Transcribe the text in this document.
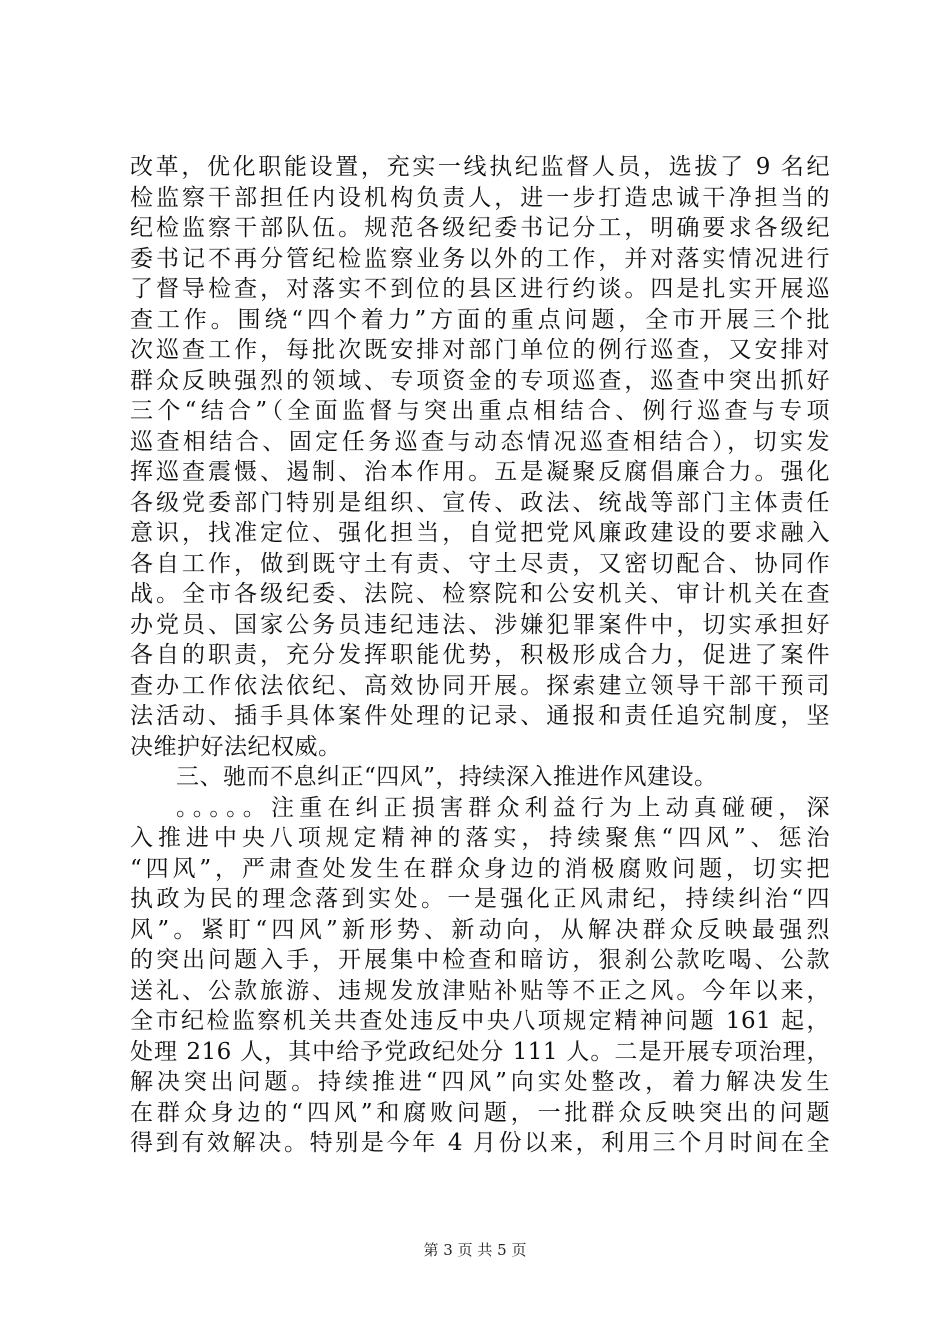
改革，优化职能设置，充实一线执纪监督人员，选拔了 9 名纪
检监察干部担任内设机构负责人，进一步打造忠诚干净担当的
纪检监察干部队伍。规范各级纪委书记分工，明确要求各级纪
委书记不再分管纪检监察业务以外的工作，并对落实情况进行
了督导检查，对落实不到位的县区进行约谈。四是扎实开展巡
查工作。围绕“四个着力”方面的重点问题，全市开展三个批
次巡查工作，每批次既安排对部门单位的例行巡查，又安排对
群众反映强烈的领域、专项资金的专项巡查，巡查中突出抓好
三个“结合”（全面监督与突出重点相结合、例行巡查与专项
巡查相结合、固定任务巡查与动态情况巡查相结合），切实发
挥巡查震慑、遏制、治本作用。五是凝聚反腐倡廉合力。强化
各级党委部门特别是组织、宣传、政法、统战等部门主体责任
意识，找准定位、强化担当，自觉把党风廉政建设的要求融入
各自工作，做到既守土有责、守土尽责，又密切配合、协同作
战。全市各级纪委、法院、检察院和公安机关、审计机关在查
办党员、国家公务员违纪违法、涉嫌犯罪案件中，切实承担好
各自的职责，充分发挥职能优势，积极形成合力，促进了案件
查办工作依法依纪、高效协同开展。探索建立领导干部干预司
法活动、插手具体案件处理的记录、通报和责任追究制度，坚
决维护好法纪权威。
三、驰而不息纠正“四风”，持续深入推进作风建设。
。。。。。注重在纠正损害群众利益行为上动真碰硬，深
入推进中央八项规定精神的落实，持续聚焦“四风”、惩治
“四风”，严肃查处发生在群众身边的消极腐败问题，切实把
执政为民的理念落到实处。一是强化正风肃纪，持续纠治“四
风”。紧盯“四风”新形势、新动向，从解决群众反映最强烈
的突出问题入手，开展集中检查和暗访，狠刹公款吃喝、公款
送礼、公款旅游、违规发放津贴补贴等不正之风。今年以来，
全市纪检监察机关共查处违反中央八项规定精神问题 161 起，
处理 216 人，其中给予党政纪处分 111 人。二是开展专项治理，
解决突出问题。持续推进“四风”向实处整改，着力解决发生
在群众身边的“四风”和腐败问题，一批群众反映突出的问题
得到有效解决。特别是今年 4 月份以来，利用三个月时间在全
第 3 页 共 5 页
